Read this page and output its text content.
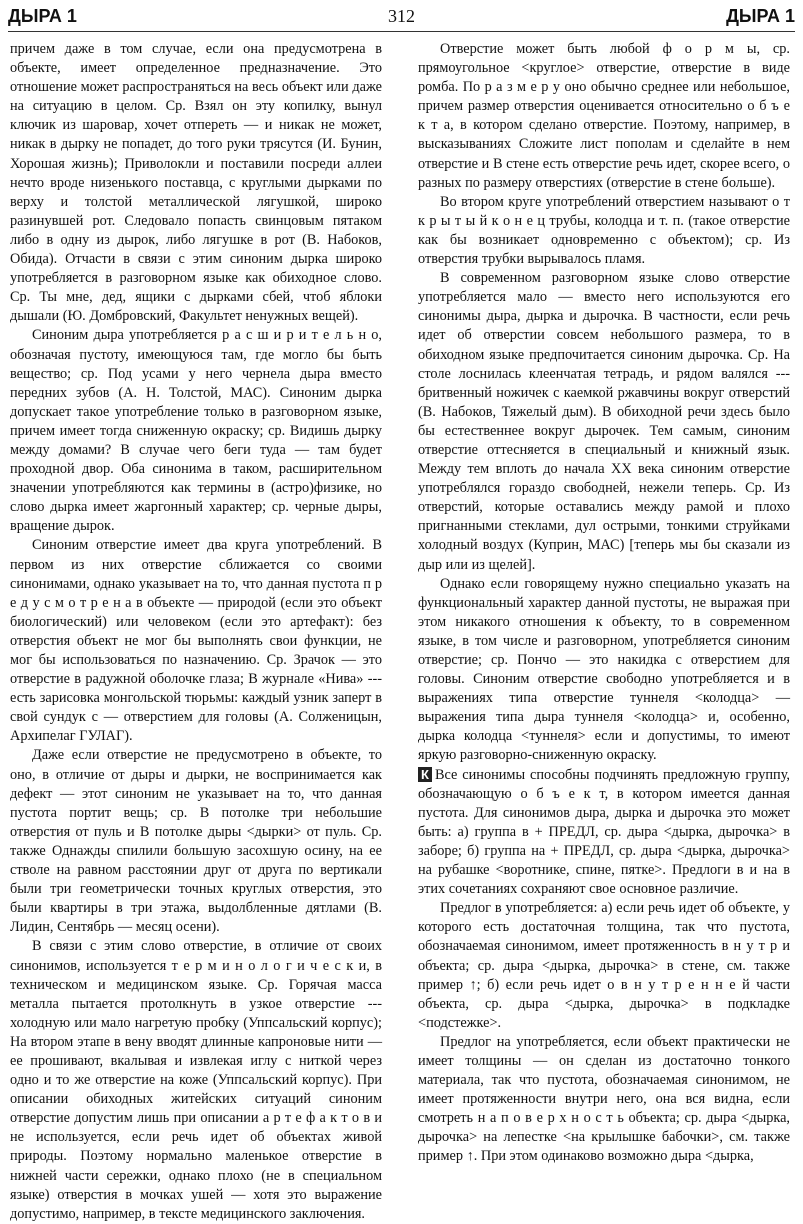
ДЫРА 1	312	ДЫРА 1

причем даже в том случае, если она предусмотрена в объекте, имеет определенное предназначение. Это отношение может распространяться на весь объект или даже на ситуацию в целом. Ср. Взял он эту копилку, вынул ключик из шаровар, хочет отпереть — и никак не может, никак в дырку не попадет, до того руки трясутся (И. Бунин, Хорошая жизнь); Приволокли и поставили посреди аллеи нечто вроде низенького поставца, с круглыми дырками по верху и толстой металлической лягушкой, широко разинувшей рот. Следовало попасть свинцовым пятаком либо в одну из дырок, либо лягушке в рот (В. Набоков, Обида). Отчасти в связи с этим синоним дырка широко употребляется в разговорном языке как обиходное слово. Ср. Ты мне, дед, ящики с дырками сбей, чтоб яблоки дышали (Ю. Домбровский, Факультет ненужных вещей).

Синоним дыра употребляется р а с ш и р и т е л ь н о, обозначая пустоту, имеющуюся там, где могло бы быть вещество; ср. Под усами у него чернела дыра вместо передних зубов (А. Н. Толстой, МАС). Синоним дырка допускает такое употребление только в разговорном языке, причем имеет тогда сниженную окраску; ср. Видишь дырку между домами? В случае чего беги туда — там будет проходной двор. Оба синонима в таком, расширительном значении употребляются как термины в (астро)физике, но слово дырка имеет жаргонный характер; ср. черные дыры, вращение дырок.

Синоним отверстие имеет два круга употреблений. В первом из них отверстие сближается со своими синонимами, однако указывает на то, что данная пустота п р е д у с м о т р е н а в объекте — природой (если это объект биологический) или человеком (если это артефакт): без отверстия объект не мог бы выполнять свои функции, не мог бы использоваться по назначению. Ср. Зрачок — это отверстие в радужной оболочке глаза; В журнале «Нива» --- есть зарисовка монгольской тюрьмы: каждый узник заперт в свой сундук с — отверстием для головы (А. Солженицын, Архипелаг ГУЛАГ).

Даже если отверстие не предусмотрено в объекте, то оно, в отличие от дыры и дырки, не воспринимается как дефект — этот синоним не указывает на то, что данная пустота портит вещь; ср. В потолке три небольшие отверстия от пуль и В потолке дыры <дырки> от пуль. Ср. также Однажды спилили большую засохшую осину, на ее стволе на равном расстоянии друг от друга по вертикали были три геометрически точных круглых отверстия, это были квартиры в три этажа, выдолбленные дятлами (В. Лидин, Сентябрь — месяц осени).

В связи с этим слово отверстие, в отличие от своих синонимов, используется т е р м и н о л о г и ч е с к и, в техническом и медицинском языке. Ср. Горячая масса металла пытается протолкнуть в узкое отверстие --- холодную или мало нагретую пробку (Уппсальский корпус); На втором этапе в вену вводят длинные капроновые нити — ее прошивают, вкалывая и извлекая иглу с ниткой через одно и то же отверстие на коже (Уппсальский корпус). При описании обиходных житейских ситуаций синоним отверстие допустим лишь при описании а р т е ф а к т о в и не используется, если речь идет об объектах живой природы. Поэтому нормально маленькое отверстие в нижней части сережки, однако плохо (не в специальном языке) отверстия в мочках ушей — хотя это выражение допустимо, например, в тексте медицинского заключения.

Отверстие может быть любой ф о р м ы, ср. прямоугольное <круглое> отверстие, отверстие в виде ромба. По р а з м е р у оно обычно среднее или небольшое, причем размер отверстия оценивается относительно о б ъ е к т а, в котором сделано отверстие. Поэтому, например, в высказываниях Сложите лист пополам и сделайте в нем отверстие и В стене есть отверстие речь идет, скорее всего, о разных по размеру отверстиях (отверстие в стене больше).

Во втором круге употреблений отверстием называют о т к р ы т ы й к о н е ц трубы, колодца и т. п. (такое отверстие как бы возникает одновременно с объектом); ср. Из отверстия трубки вырывалось пламя.

В современном разговорном языке слово отверстие употребляется мало — вместо него используются его синонимы дыра, дырка и дырочка. В частности, если речь идет об отверстии совсем небольшого размера, то в обиходном языке предпочитается синоним дырочка. Ср. На столе лоснилась клеенчатая тетрадь, и рядом валялся --- бритвенный ножичек с каемкой ржавчины вокруг отверстий (В. Набоков, Тяжелый дым). В обиходной речи здесь было бы естественнее вокруг дырочек. Тем самым, синоним отверстие оттесняется в специальный и книжный язык. Между тем вплоть до начала XX века синоним отверстие употреблялся гораздо свободней, нежели теперь. Ср. Из отверстий, которые оставались между рамой и плохо пригнанными стеклами, дул острыми, тонкими струйками холодный воздух (Куприн, МАС) [теперь мы бы сказали из дыр или из щелей].

Однако если говорящему нужно специально указать на функциональный характер данной пустоты, не выражая при этом никакого отношения к объекту, то в современном языке, в том числе и разговорном, употребляется синоним отверстие; ср. Пончо — это накидка с отверстием для головы. Синоним отверстие свободно употребляется и в выражениях типа отверстие туннеля <колодца> — выражения типа дыра туннеля <колодца> и, особенно, дырка колодца <туннеля> если и допустимы, то имеют яркую разговорно-сниженную окраску.

К Все синонимы способны подчинять предложную группу, обозначающую о б ъ е к т, в котором имеется данная пустота. Для синонимов дыра, дырка и дырочка это может быть: а) группа в + ПРЕДЛ, ср. дыра <дырка, дырочка> в заборе; б) группа на + ПРЕДЛ, ср. дыра <дырка, дырочка> на рубашке <воротнике, спине, пятке>. Предлоги в и на в этих сочетаниях сохраняют свое основное различие.

Предлог в употребляется: а) если речь идет об объекте, у которого есть достаточная толщина, так что пустота, обозначаемая синонимом, имеет протяженность в н у т р и объекта; ср. дыра <дырка, дырочка> в стене, см. также пример ↑; б) если речь идет о в н у т р е н н е й части объекта, ср. дыра <дырка, дырочка> в подкладке <подстежке>.

Предлог на употребляется, если объект практически не имеет толщины — он сделан из достаточно тонкого материала, так что пустота, обозначаемая синонимом, не имеет протяженности внутри него, она вся видна, если смотреть н а п о в е р х н о с т ь объекта; ср. дыра <дырка, дырочка> на лепестке <на крылышке бабочки>, см. также пример ↑. При этом одинаково возможно дыра <дырка,
